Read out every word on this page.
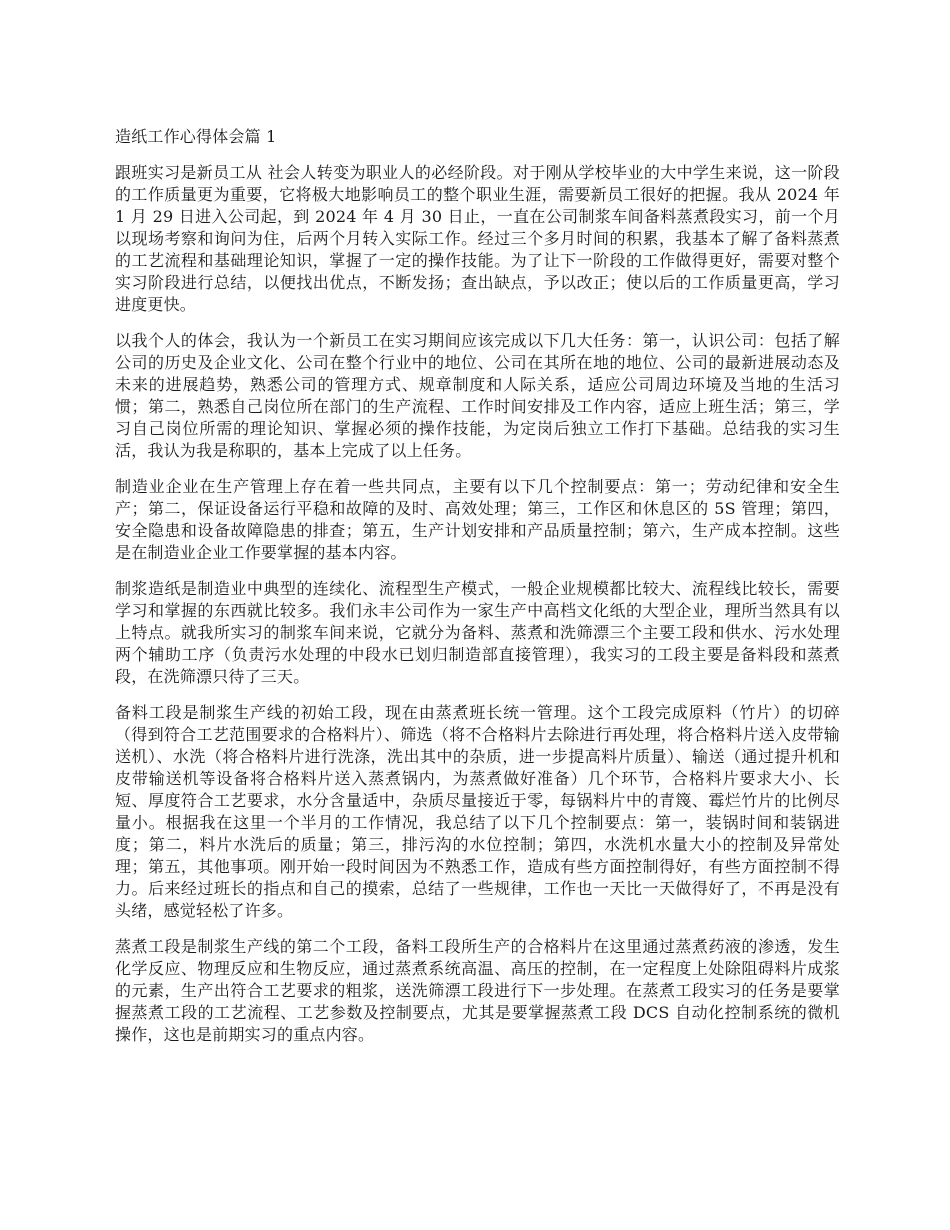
造纸工作心得体会篇 1

跟班实习是新员工从 社会人转变为职业人的必经阶段。对于刚从学校毕业的大中学生来说，这一阶段的工作质量更为重要，它将极大地影响员工的整个职业生涯，需要新员工很好的把握。我从 2024 年 1 月 29 日进入公司起，到 2024 年 4 月 30 日止，一直在公司制浆车间备料蒸煮段实习，前一个月以现场考察和询问为住，后两个月转入实际工作。经过三个多月时间的积累，我基本了解了备料蒸煮的工艺流程和基础理论知识，掌握了一定的操作技能。为了让下一阶段的工作做得更好，需要对整个实习阶段进行总结，以便找出优点，不断发扬；查出缺点，予以改正；使以后的工作质量更高，学习进度更快。

以我个人的体会，我认为一个新员工在实习期间应该完成以下几大任务：第一，认识公司：包括了解公司的历史及企业文化、公司在整个行业中的地位、公司在其所在地的地位、公司的最新进展动态及未来的进展趋势，熟悉公司的管理方式、规章制度和人际关系，适应公司周边环境及当地的生活习惯；第二，熟悉自己岗位所在部门的生产流程、工作时间安排及工作内容，适应上班生活；第三，学习自己岗位所需的理论知识、掌握必须的操作技能，为定岗后独立工作打下基础。总结我的实习生活，我认为我是称职的，基本上完成了以上任务。

制造业企业在生产管理上存在着一些共同点，主要有以下几个控制要点：第一；劳动纪律和安全生产；第二，保证设备运行平稳和故障的及时、高效处理；第三，工作区和休息区的 5S 管理；第四，安全隐患和设备故障隐患的排查；第五，生产计划安排和产品质量控制；第六，生产成本控制。这些是在制造业企业工作要掌握的基本内容。

制浆造纸是制造业中典型的连续化、流程型生产模式，一般企业规模都比较大、流程线比较长，需要学习和掌握的东西就比较多。我们永丰公司作为一家生产中高档文化纸的大型企业，理所当然具有以上特点。就我所实习的制浆车间来说，它就分为备料、蒸煮和洗筛漂三个主要工段和供水、污水处理两个辅助工序（负责污水处理的中段水已划归制造部直接管理），我实习的工段主要是备料段和蒸煮段，在洗筛漂只待了三天。

备料工段是制浆生产线的初始工段，现在由蒸煮班长统一管理。这个工段完成原料（竹片）的切碎（得到符合工艺范围要求的合格料片）、筛选（将不合格料片去除进行再处理，将合格料片送入皮带输送机）、水洗（将合格料片进行洗涤，洗出其中的杂质，进一步提高料片质量）、输送（通过提升机和皮带输送机等设备将合格料片送入蒸煮锅内，为蒸煮做好准备）几个环节，合格料片要求大小、长短、厚度符合工艺要求，水分含量适中，杂质尽量接近于零，每锅料片中的青篾、霉烂竹片的比例尽量小。根据我在这里一个半月的工作情况，我总结了以下几个控制要点：第一，装锅时间和装锅进度；第二，料片水洗后的质量；第三，排污沟的水位控制；第四，水洗机水量大小的控制及异常处理；第五，其他事项。刚开始一段时间因为不熟悉工作，造成有些方面控制得好，有些方面控制不得力。后来经过班长的指点和自己的摸索，总结了一些规律，工作也一天比一天做得好了，不再是没有头绪，感觉轻松了许多。

蒸煮工段是制浆生产线的第二个工段，备料工段所生产的合格料片在这里通过蒸煮药液的渗透，发生化学反应、物理反应和生物反应，通过蒸煮系统高温、高压的控制，在一定程度上处除阻碍料片成浆的元素，生产出符合工艺要求的粗浆，送洗筛漂工段进行下一步处理。在蒸煮工段实习的任务是要掌握蒸煮工段的工艺流程、工艺参数及控制要点，尤其是要掌握蒸煮工段 DCS 自动化控制系统的微机操作，这也是前期实习的重点内容。
